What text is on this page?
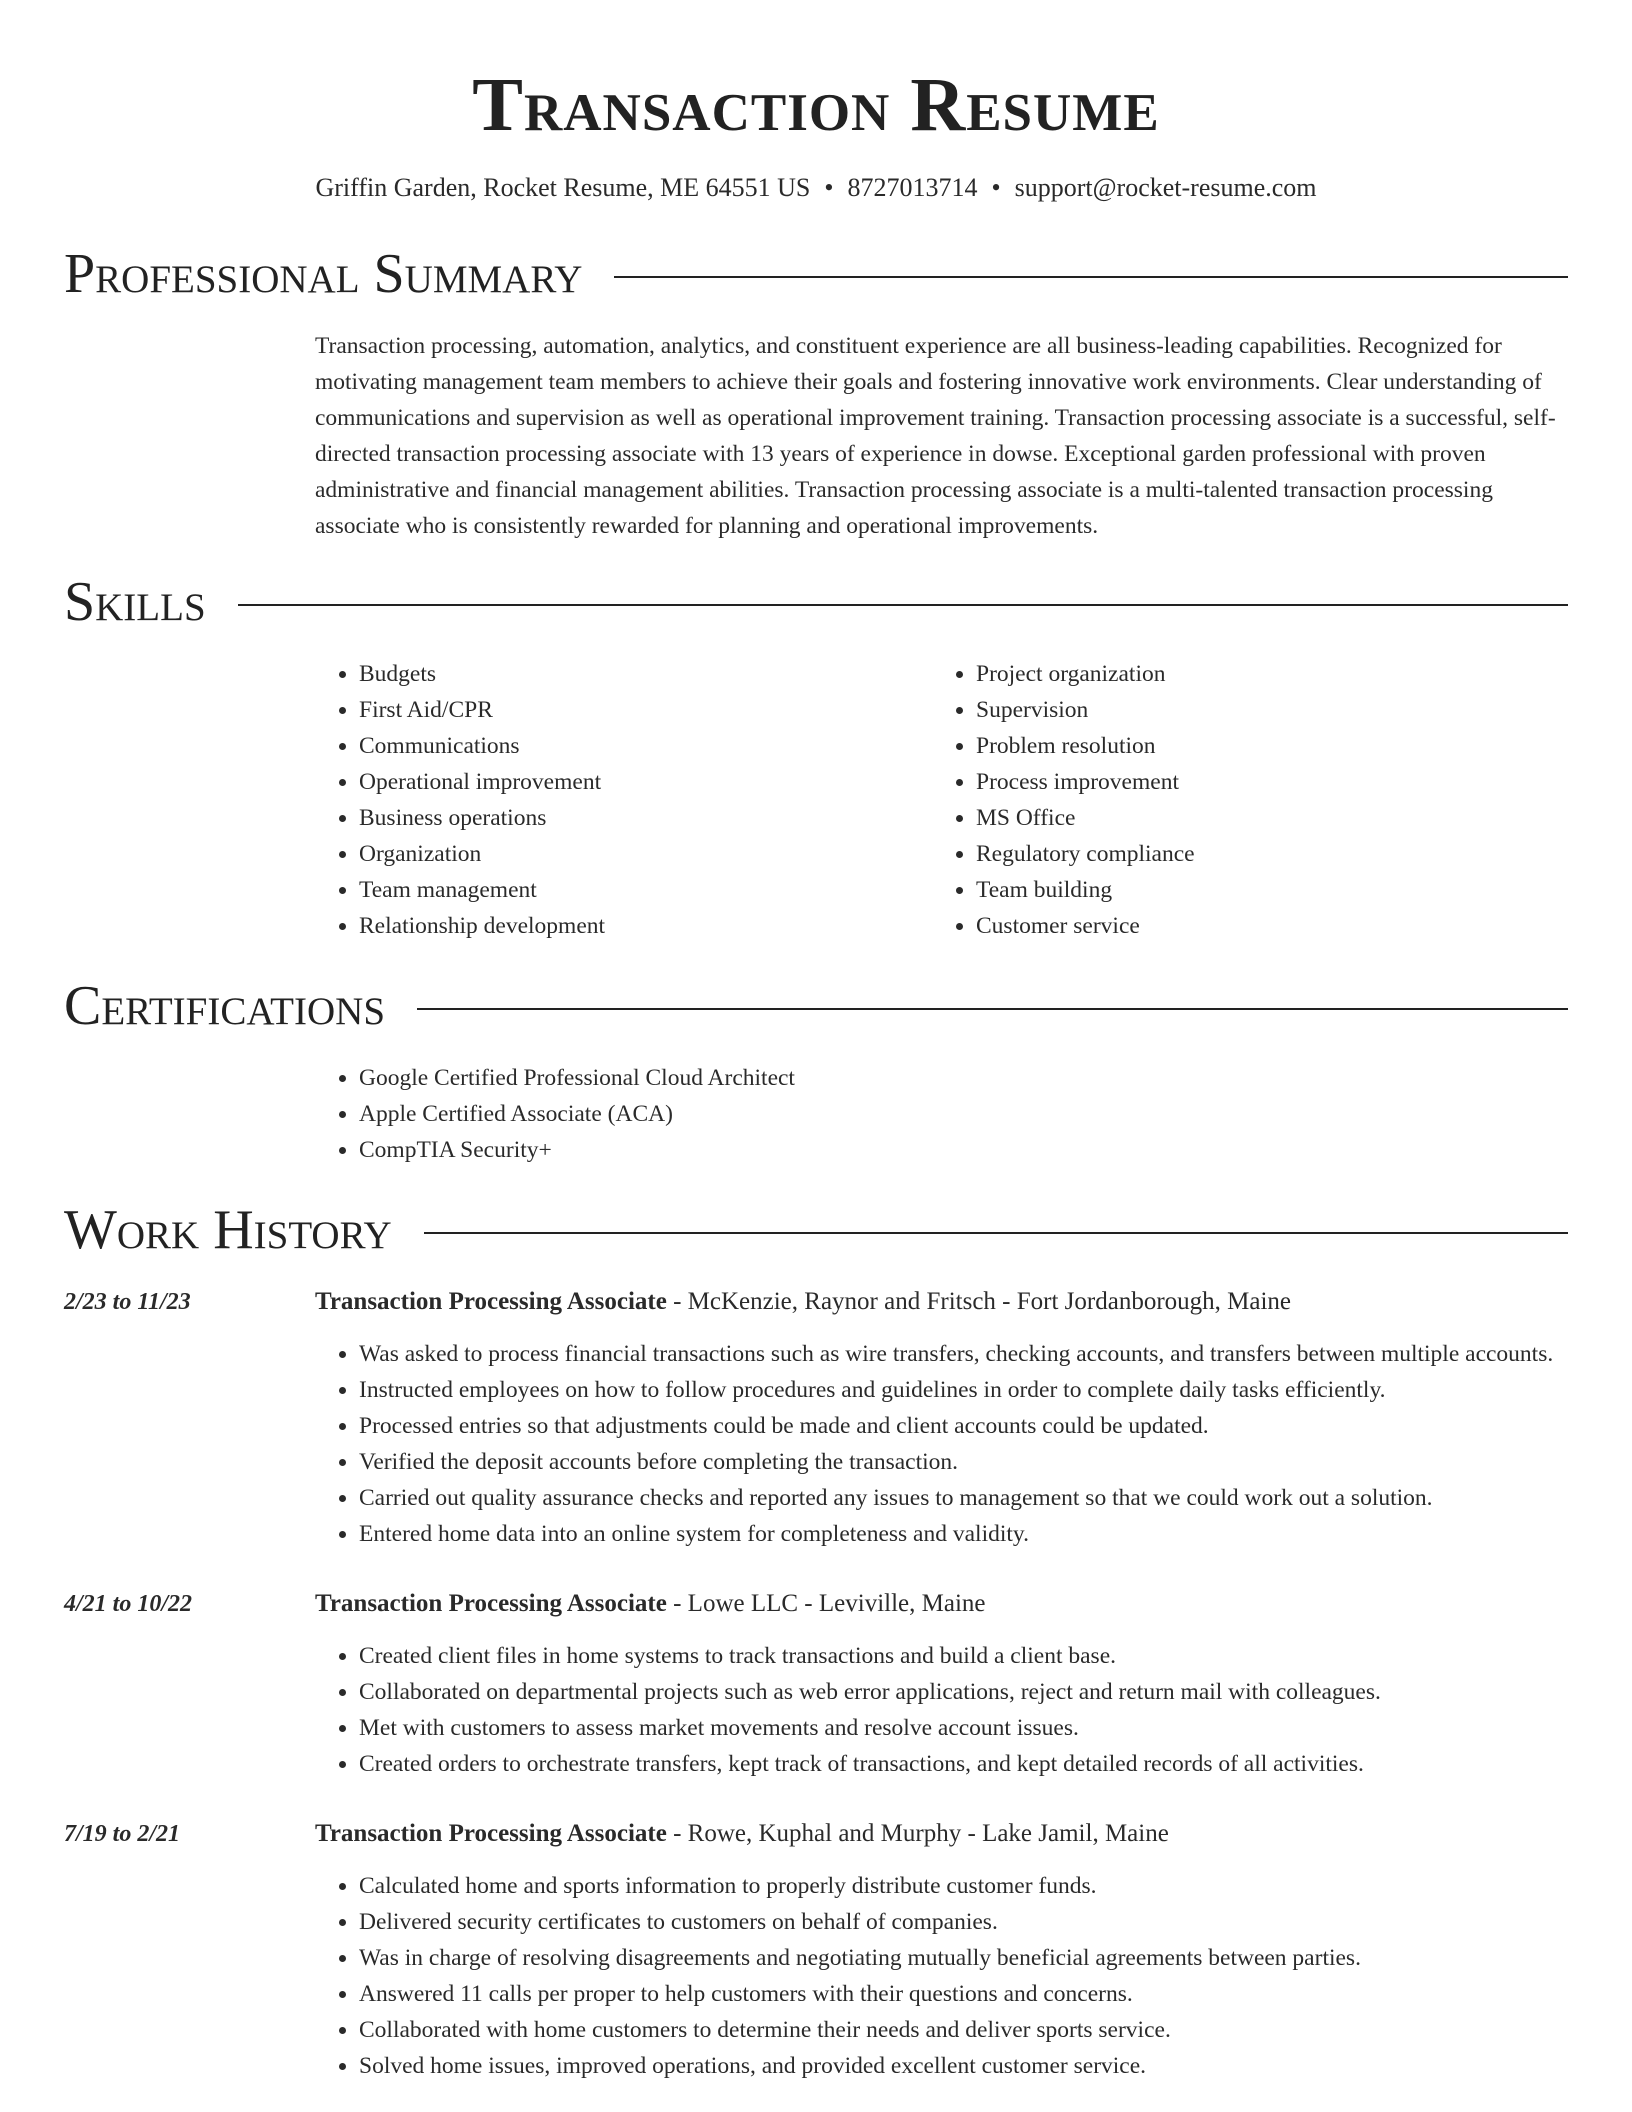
Transaction Resume
Griffin Garden, Rocket Resume, ME 64551 US • 8727013714 • support@rocket-resume.com
Professional Summary
Transaction processing, automation, analytics, and constituent experience are all business-leading capabilities. Recognized for motivating management team members to achieve their goals and fostering innovative work environments. Clear understanding of communications and supervision as well as operational improvement training. Transaction processing associate is a successful, self-directed transaction processing associate with 13 years of experience in dowse. Exceptional garden professional with proven administrative and financial management abilities. Transaction processing associate is a multi-talented transaction processing associate who is consistently rewarded for planning and operational improvements.
Skills
• Budgets
• First Aid/CPR
• Communications
• Operational improvement
• Business operations
• Organization
• Team management
• Relationship development
• Project organization
• Supervision
• Problem resolution
• Process improvement
• MS Office
• Regulatory compliance
• Team building
• Customer service
Certifications
• Google Certified Professional Cloud Architect
• Apple Certified Associate (ACA)
• CompTIA Security+
Work History
2/23 to 11/23	Transaction Processing Associate - McKenzie, Raynor and Fritsch - Fort Jordanborough, Maine
• Was asked to process financial transactions such as wire transfers, checking accounts, and transfers between multiple accounts.
• Instructed employees on how to follow procedures and guidelines in order to complete daily tasks efficiently.
• Processed entries so that adjustments could be made and client accounts could be updated.
• Verified the deposit accounts before completing the transaction.
• Carried out quality assurance checks and reported any issues to management so that we could work out a solution.
• Entered home data into an online system for completeness and validity.
4/21 to 10/22	Transaction Processing Associate - Lowe LLC - Leviville, Maine
• Created client files in home systems to track transactions and build a client base.
• Collaborated on departmental projects such as web error applications, reject and return mail with colleagues.
• Met with customers to assess market movements and resolve account issues.
• Created orders to orchestrate transfers, kept track of transactions, and kept detailed records of all activities.
7/19 to 2/21	Transaction Processing Associate - Rowe, Kuphal and Murphy - Lake Jamil, Maine
• Calculated home and sports information to properly distribute customer funds.
• Delivered security certificates to customers on behalf of companies.
• Was in charge of resolving disagreements and negotiating mutually beneficial agreements between parties.
• Answered 11 calls per proper to help customers with their questions and concerns.
• Collaborated with home customers to determine their needs and deliver sports service.
• Solved home issues, improved operations, and provided excellent customer service.
